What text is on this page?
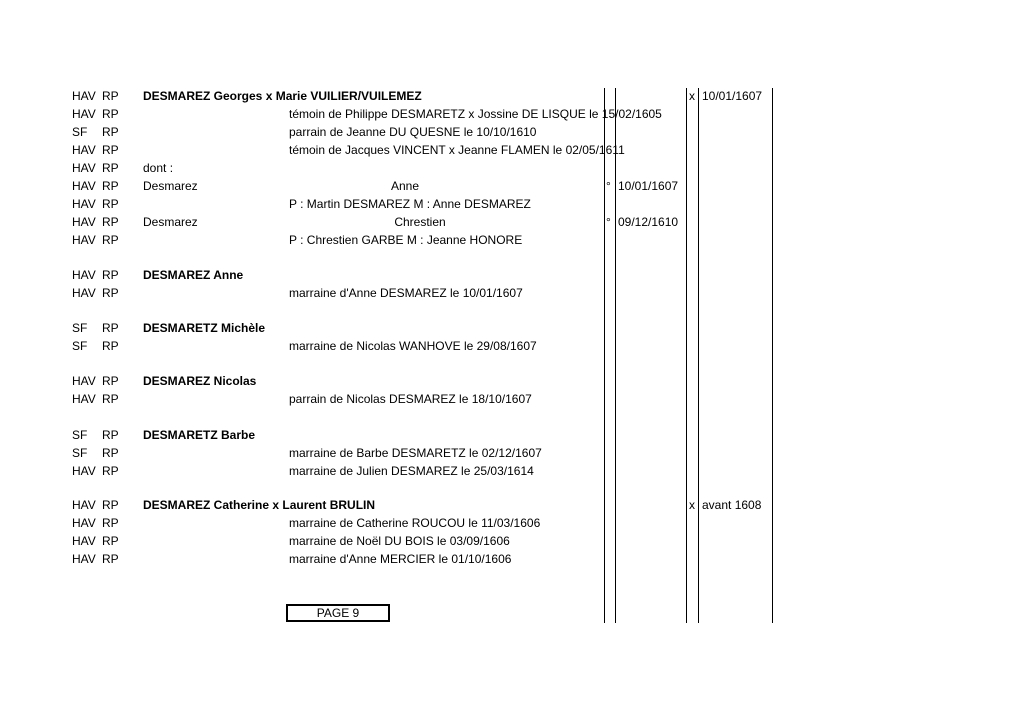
HAV RP DESMAREZ Georges x Marie VUILIER/VUILEMEZ	x 10/01/1607
HAV RP	témoin de Philippe DESMARETZ x Jossine DE LISQUE le 15/02/1605
SF RP	parrain de Jeanne DU QUESNE le 10/10/1610
HAV RP	témoin de Jacques VINCENT x Jeanne FLAMEN le 02/05/1611
HAV RP dont :
HAV RP Desmarez	Anne	° 10/01/1607
HAV RP	P : Martin DESMAREZ M : Anne DESMAREZ
HAV RP Desmarez	Chrestien	° 09/12/1610
HAV RP	P : Chrestien GARBE M : Jeanne HONORE
HAV RP DESMAREZ Anne
HAV RP	marraine d'Anne DESMAREZ le 10/01/1607
SF RP DESMARETZ Michèle
SF RP	marraine de Nicolas WANHOVE le 29/08/1607
HAV RP DESMAREZ Nicolas
HAV RP	parrain de Nicolas DESMAREZ le 18/10/1607
SF RP DESMARETZ Barbe
SF RP	marraine de Barbe DESMARETZ le 02/12/1607
HAV RP	marraine de Julien DESMAREZ le 25/03/1614
HAV RP DESMAREZ Catherine x Laurent BRULIN	x avant 1608
HAV RP	marraine de Catherine ROUCOU le 11/03/1606
HAV RP	marraine de Noël DU BOIS le 03/09/1606
HAV RP	marraine d'Anne MERCIER le 01/10/1606
PAGE 9
